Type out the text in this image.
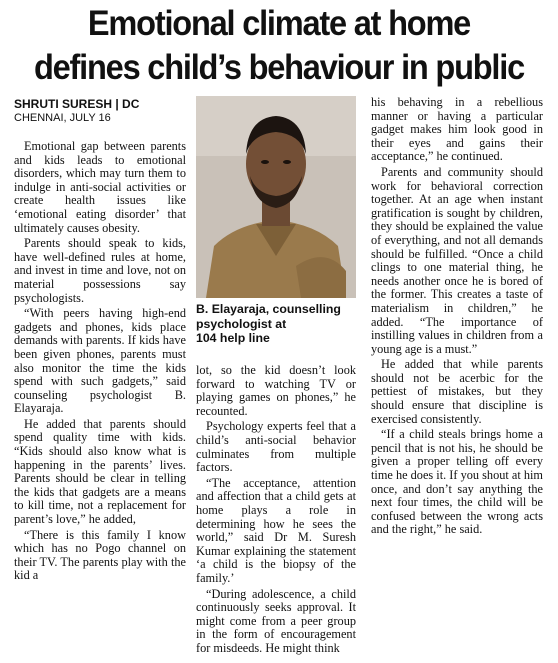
Emotional climate at home
defines child’s behaviour in public
SHRUTI SURESH | DC
CHENNAI, JULY 16

Emotional gap between parents and kids leads to emotional disorders, which may turn them to indulge in anti-social activities or create health issues like ‘emotional eating disorder’ that ultimately causes obesity.

Parents should speak to kids, have well-defined rules at home, and invest in time and love, not on material possessions say psychologists.

“With peers having high-end gadgets and phones, kids place demands with parents. If kids have been given phones, parents must also monitor the time the kids spend with such gadgets,” said counseling psychologist B. Elayaraja.

He added that parents should spend quality time with kids. “Kids should also know what is happening in the parents’ lives. Parents should be clear in telling the kids that gadgets are a means to kill time, not a replacement for parent’s love,” he added,

“There is this family I know which has no Pogo channel on their TV. The parents play with the kid a

B. Elayaraja, counselling
psychologist at
104 help line

lot, so the kid doesn’t look forward to watching TV or playing games on phones,” he recounted.

Psychology experts feel that a child’s anti-social behavior culminates from multiple factors.

“The acceptance, attention and affection that a child gets at home plays a role in determining how he sees the world,” said Dr M. Suresh Kumar explaining the statement ‘a child is the biopsy of the family.’

“During adolescence, a child continuously seeks approval. It might come from a peer group in the form of encouragement for misdeeds. He might think

his behaving in a rebellious manner or having a particular gadget makes him look good in their eyes and gains their acceptance,” he continued.

Parents and community should work for behavioral correction together. At an age when instant gratification is sought by children, they should be explained the value of everything, and not all demands should be fulfilled. “Once a child clings to one material thing, he needs another once he is bored of the former. This creates a taste of materialism in children,” he added. “The importance of instilling values in children from a young age is a must.”

He added that while parents should not be acerbic for the pettiest of mistakes, but they should ensure that discipline is exercised consistently.

“If a child steals brings home a pencil that is not his, he should be given a proper telling off every time he does it. If you shout at him once, and don’t say anything the next four times, the child will be confused between the wrong acts and the right,” he said.
